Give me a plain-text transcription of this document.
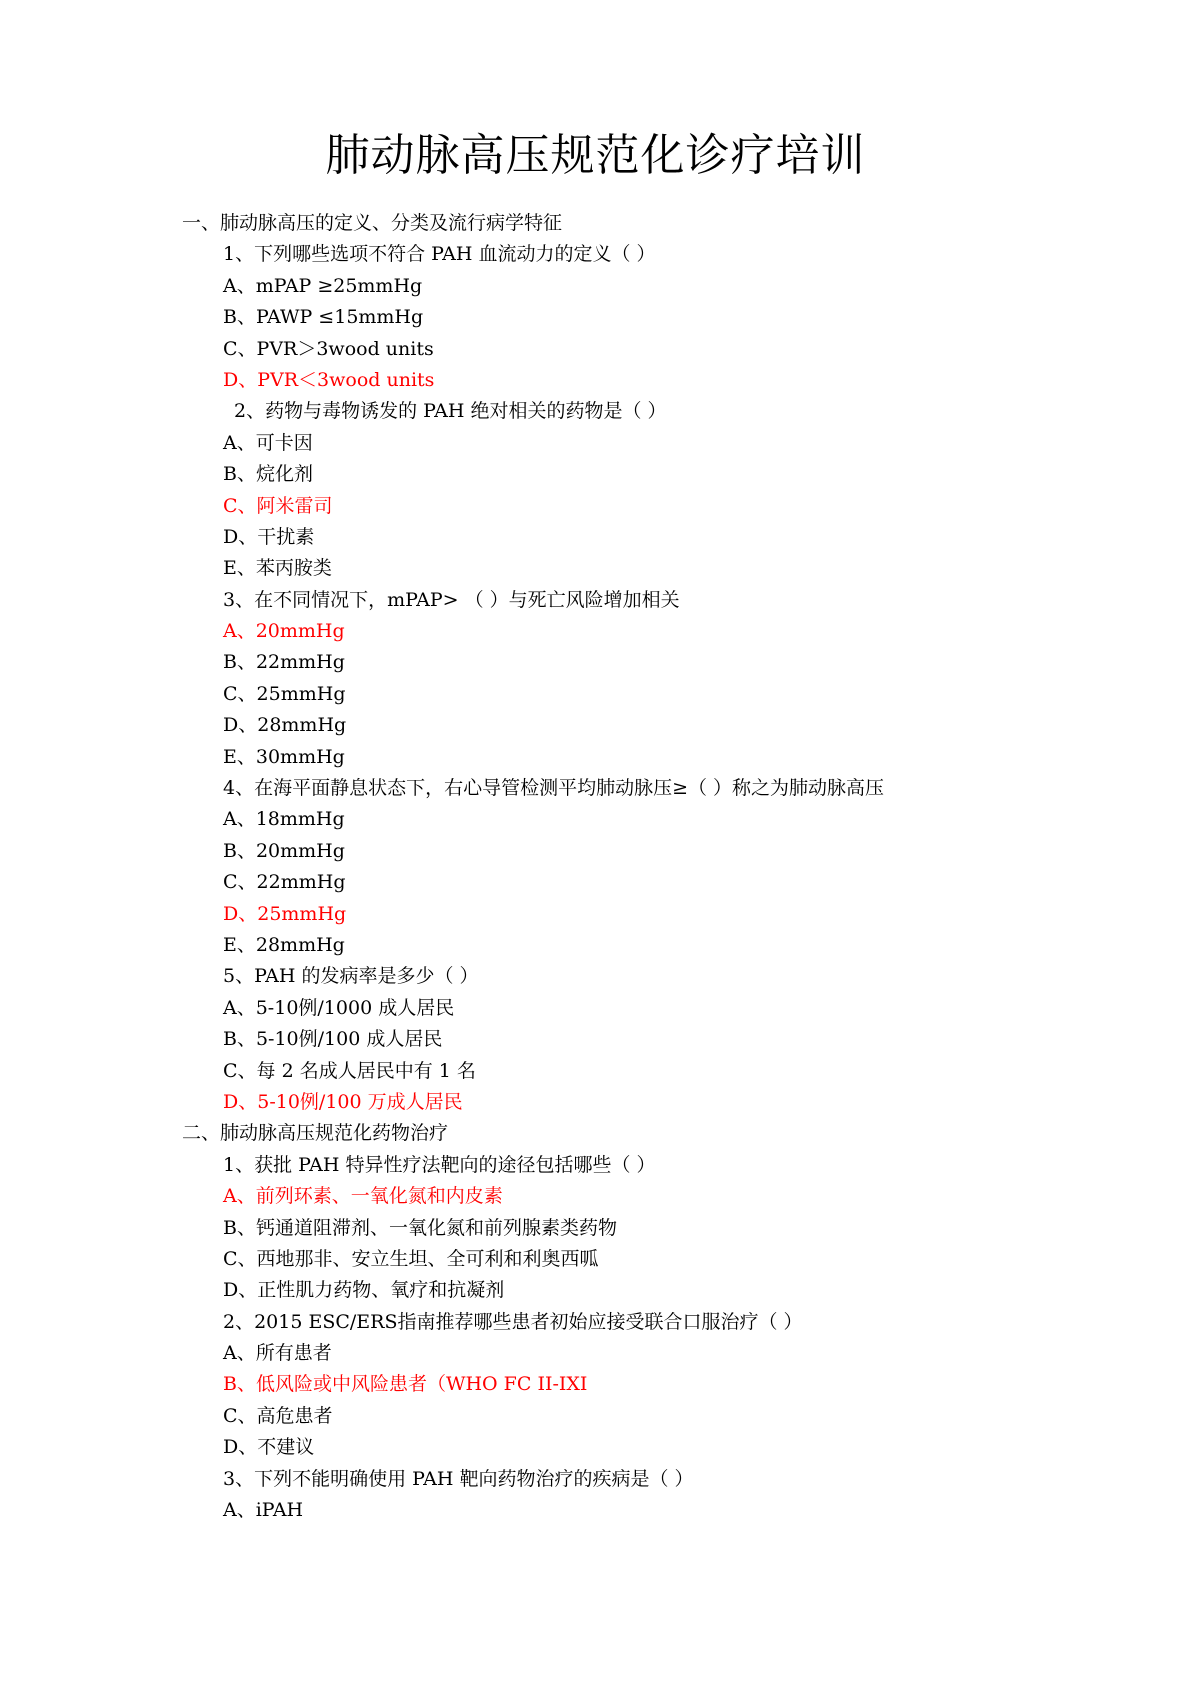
肺动脉高压规范化诊疗培训
一、肺动脉高压的定义、分类及流行病学特征
1、下列哪些选项不符合 PAH 血流动力的定义（ ）
A、mPAP ≥25mmHg
B、PAWP ≤15mmHg
C、PVR＞3wood units
D、PVR＜3wood units
2、药物与毒物诱发的 PAH 绝对相关的药物是（ ）
A、可卡因
B、烷化剂
C、阿米雷司
D、干扰素
E、苯丙胺类
3、在不同情况下，mPAP> （ ）与死亡风险增加相关
A、20mmHg
B、22mmHg
C、25mmHg
D、28mmHg
E、30mmHg
4、在海平面静息状态下，右心导管检测平均肺动脉压≥（ ）称之为肺动脉高压
A、18mmHg
B、20mmHg
C、22mmHg
D、25mmHg
E、28mmHg
5、PAH 的发病率是多少（ ）
A、5-10例/1000 成人居民
B、5-10例/100 成人居民
C、每 2 名成人居民中有 1 名
D、5-10例/100 万成人居民
二、肺动脉高压规范化药物治疗
1、获批 PAH 特异性疗法靶向的途径包括哪些（ ）
A、前列环素、一氧化氮和内皮素
B、钙通道阻滞剂、一氧化氮和前列腺素类药物
C、西地那非、安立生坦、全可利和利奥西呱
D、正性肌力药物、氧疗和抗凝剂
2、2015 ESC/ERS指南推荐哪些患者初始应接受联合口服治疗（ ）
A、所有患者
B、低风险或中风险患者（WHO FC II-IXI
C、高危患者
D、不建议
3、下列不能明确使用 PAH 靶向药物治疗的疾病是（ ）
A、iPAH
